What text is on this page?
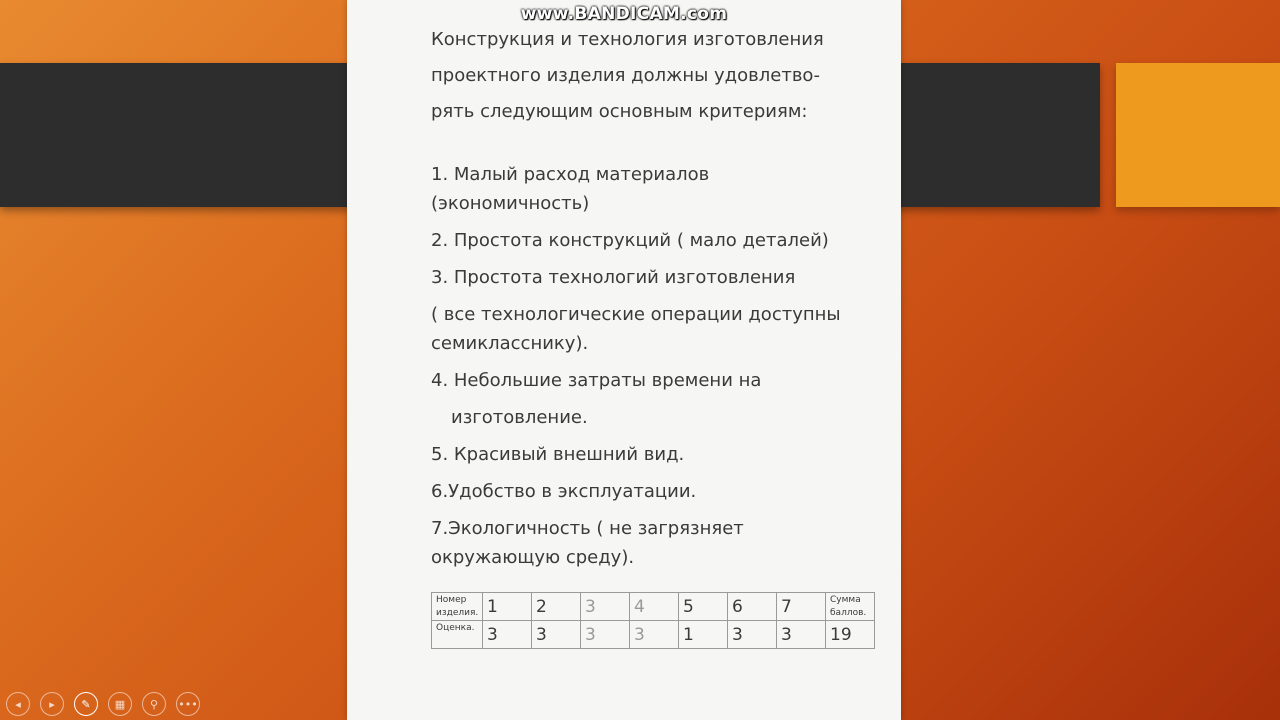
www.BANDICAM.com
Конструкция и технология изготовления
проектного изделия должны удовлетво-
рять следующим основным критериям:
1. Малый расход материалов
(экономичность)
2. Простота конструкций ( мало деталей)
3. Простота технологий изготовления
( все технологические операции доступны
семикласснику).
4. Небольшие затраты времени на
изготовление.
5. Красивый внешний вид.
6.Удобство в эксплуатации.
7.Экологичность ( не загрязняет
окружающую среду).
Номер
изделия.	1	2	3	4	5	6	7	Сумма
баллов.
Оценка.	3	3	3	3	1	3	3	19
◂	▸ ✎ ▦ ⚲ •••
